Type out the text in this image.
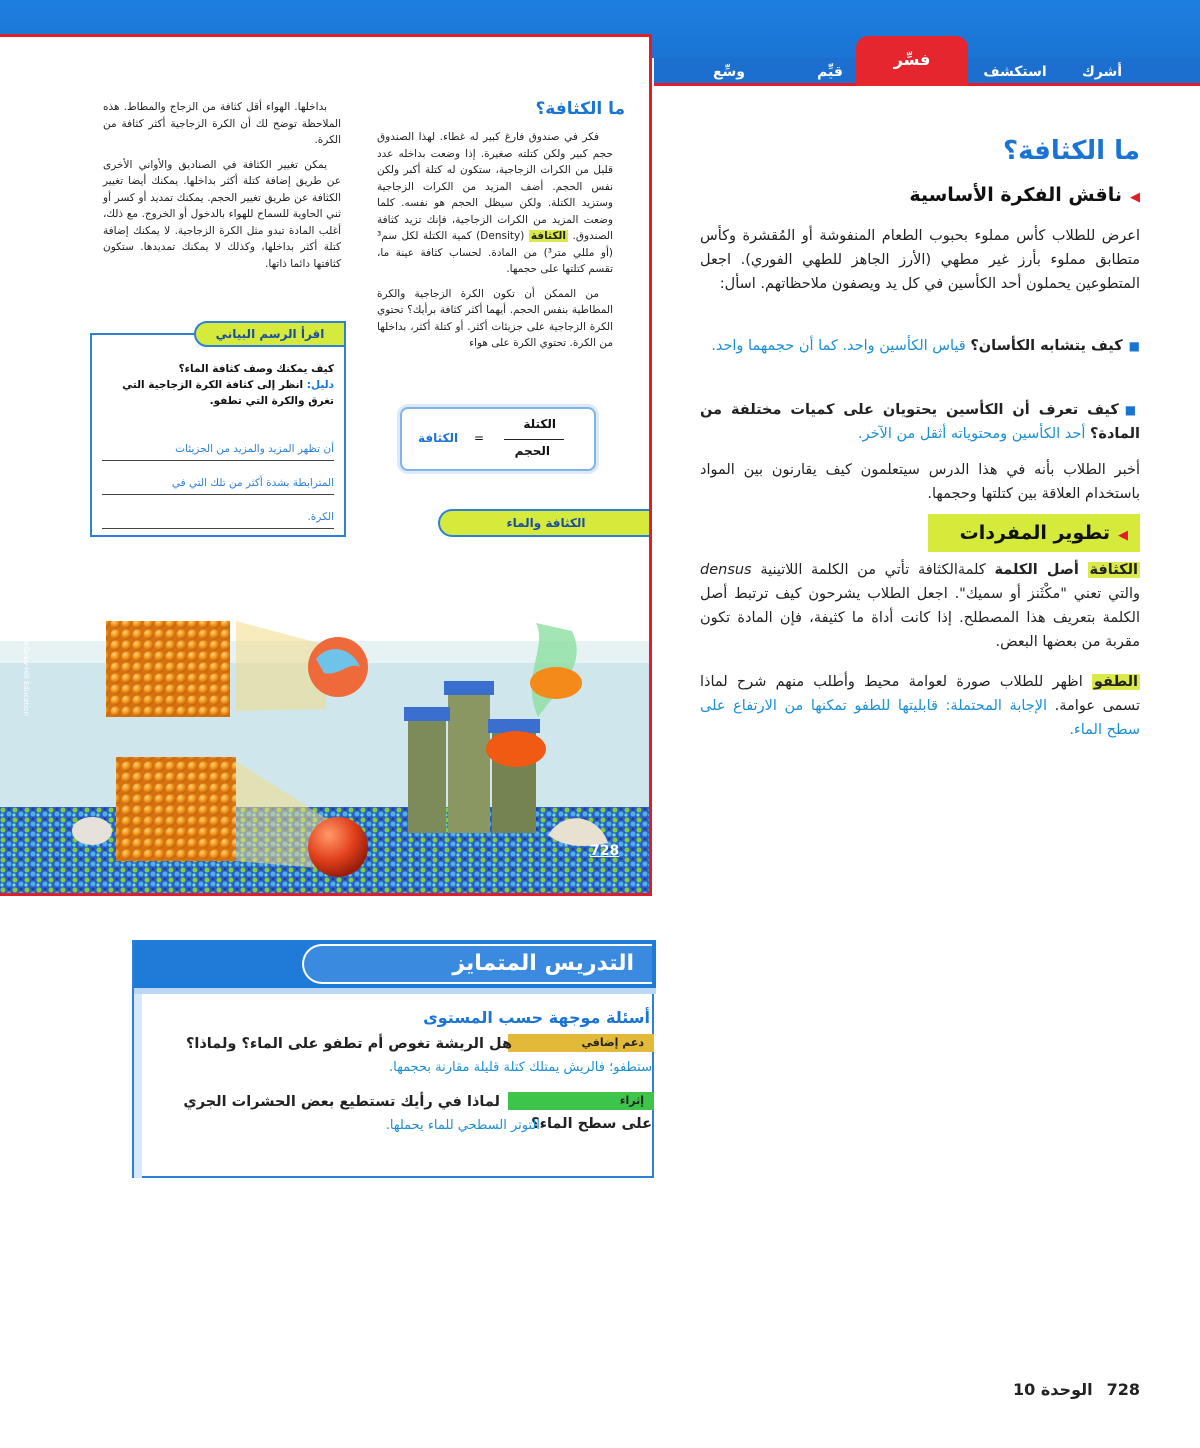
أشرك
استكشف
قيِّم
وسِّع
فسِّر
ما الكثافة؟

فكر في صندوق فارغ كبير له غطاء. لهذا الصندوق حجم كبير ولكن كتلته صغيرة. إذا وضعت بداخله عدد قليل من الكرات الزجاجية، ستكون له كتلة أكبر ولكن نفس الحجم. أضف المزيد من الكرات الزجاجية وستزيد الكتلة. ولكن سيظل الحجم هو نفسه. كلما وضعت المزيد من الكرات الزجاجية، فإنك تزيد كثافة الصندوق. الكثافة (Density) كمية الكتلة لكل سم³ (أو مللي متر³) من المادة. لحساب كثافة عينة ما، تقسم كتلتها على حجمها.

من الممكن أن تكون الكرة الزجاجية والكرة المطاطية بنفس الحجم. أيهما أكثر كثافة برأيك؟ تحتوي الكرة الزجاجية على جزيئات أكثر. أو كتلة أكثر، بداخلها من الكرة. تحتوي الكرة على هواء

بداخلها. الهواء أقل كثافة من الزجاج والمطاط. هذه الملاحظة توضح لك أن الكرة الزجاجية أكثر كثافة من الكرة.

يمكن تغيير الكثافة في الصناديق والأواني الأخرى عن طريق إضافة كتلة أكثر بداخلها. يمكنك أيضا تغيير الكثافة عن طريق تغيير الحجم. يمكنك تمديد أو كسر أو ثني الحاوية للسماح للهواء بالدخول أو الخروج. مع ذلك، أغلب المادة تبدو مثل الكرة الزجاجية. لا يمكنك إضافة كتلة أكثر بداخلها، وكذلك لا يمكنك تمديدها. ستكون كثافتها دائما ذاتها.

اقرأ الرسم البياني
كيف يمكنك وصف كثافة الماء؟
دليل: انظر إلى كثافة الكرة الزجاجية التي تغرق والكرة التي تطفو.
أن تظهر المزيد والمزيد من الجزيئات
المترابطة بشدة أكثر من تلك التي في
الكرة.
الكتلة
الحجم
=
الكثافة
الكثافة والماء
728
McGraw-Hill Education
ما الكثافة؟
◀ناقش الفكرة الأساسية
اعرض للطلاب كأس مملوء بحبوب الطعام المنفوشة أو المُقشرة وكأس متطابق مملوء بأرز غير مطهي (الأرز الجاهز للطهي الفوري). اجعل المتطوعين يحملون أحد الكأسين في كل يد ويصفون ملاحظاتهم. اسأل:
■كيف يتشابه الكأسان؟ قياس الكأسين واحد. كما أن حجمهما واحد.
■كيف تعرف أن الكأسين يحتويان على كميات مختلفة من المادة؟ أحد الكأسين ومحتوياته أثقل من الآخر.
أخبر الطلاب بأنه في هذا الدرس سيتعلمون كيف يقارنون بين المواد باستخدام العلاقة بين كتلتها وحجمها.
◀تطوير المفردات
الكثافة أصل الكلمة كلمةالكثافة تأتي من الكلمة اللاتينية densus والتي تعني "مكْثَنز أو سميك". اجعل الطلاب يشرحون كيف ترتبط أصل الكلمة بتعريف هذا المصطلح. إذا كانت أداة ما كثيفة، فإن المادة تكون مقربة من بعضها البعض.
الطفو اظهر للطلاب صورة لعوامة محيط وأطلب منهم شرح لماذا تسمى عوامة. الإجابة المحتملة: قابليتها للطفو تمكنها من الارتفاع على سطح الماء.
التدريس المتمايز
أسئلة موجهة حسب المستوى
دعم إضافي
هل الريشة تغوص أم تطفو على الماء؟ ولماذا؟
ستطفو؛ فالريش يمتلك كتلة قليلة مقارنة بحجمها.
إثراء
لماذا في رأيك تستطيع بعض الحشرات الجري
على سطح الماء؟
التوتر السطحي للماء يحملها.
728الوحدة 10
